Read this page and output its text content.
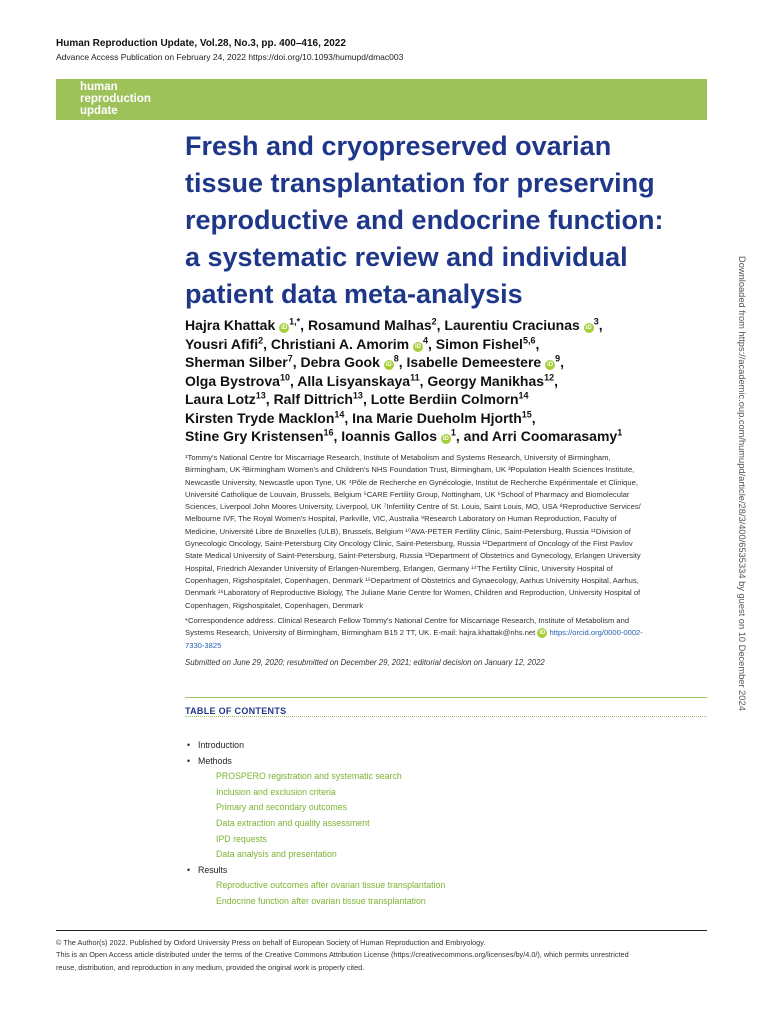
Human Reproduction Update, Vol.28, No.3, pp. 400–416, 2022
Advance Access Publication on February 24, 2022 https://doi.org/10.1093/humupd/dmac003
human
reproduction
update
Fresh and cryopreserved ovarian
tissue transplantation for preserving
reproductive and endocrine function:
a systematic review and individual
patient data meta-analysis
Hajra Khattak $iD^{1,*}$, Rosamund Malhas$^2$, Laurentiu Craciunas $iD^3$,
Yousri Afifi$^2$, Christiani A. Amorim $iD^4$, Simon Fishel$^{5,6}$,
Sherman Silber$^7$, Debra Gook $iD^8$, Isabelle Demeestere $iD^9$,
Olga Bystrova$^{10}$, Alla Lisyanskaya$^{11}$, Georgy Manikhas$^{12}$,
Laura Lotz$^{13}$, Ralf Dittrich$^{13}$, Lotte Berdiin Colmorn$^{14}$
Kirsten Tryde Macklon$^{14}$, Ina Marie Dueholm Hjorth$^{15}$,
Stine Gry Kristensen$^{16}$, Ioannis Gallos $iD^1$, and Arri Coomarasamy$^1$
¹Tommy's National Centre for Miscarriage Research, Institute of Metabolism and Systems Research, University of Birmingham,
Birmingham, UK ²Birmingham Women's and Children's NHS Foundation Trust, Birmingham, UK ³Population Health Sciences Institute,
Newcastle University, Newcastle upon Tyne, UK ⁴Pôle de Recherche en Gynécologie, Institut de Recherche Expérimentale et Clinique,
Université Catholique de Louvain, Brussels, Belgium ⁵CARE Fertility Group, Nottingham, UK ⁶School of Pharmacy and Biomolecular
Sciences, Liverpool John Moores University, Liverpool, UK ⁷Infertility Centre of St. Louis, Saint Louis, MO, USA ⁸Reproductive Services/
Melbourne IVF, The Royal Women's Hospital, Parkville, VIC, Australia ⁹Research Laboratory on Human Reproduction, Faculty of
Medicine, Université Libre de Bruxelles (ULB), Brussels, Belgium ¹⁰AVA-PETER Fertility Clinic, Saint-Petersburg, Russia ¹¹Division of
Gynecologic Oncology, Saint-Petersburg City Oncology Clinic, Saint-Petersburg, Russia ¹²Department of Oncology of the First Pavlov
State Medical University of Saint-Petersburg, Saint-Petersburg, Russia ¹³Department of Obstetrics and Gynecology, Erlangen University
Hospital, Friedrich Alexander University of Erlangen-Nuremberg, Erlangen, Germany ¹⁴The Fertility Clinic, University Hospital of
Copenhagen, Rigshospitalet, Copenhagen, Denmark ¹⁵Department of Obstetrics and Gynaecology, Aarhus University Hospital, Aarhus,
Denmark ¹⁶Laboratory of Reproductive Biology, The Juliane Marie Centre for Women, Children and Reproduction, University Hospital of
Copenhagen, Rigshospitalet, Copenhagen, Denmark
*Correspondence address. Clinical Research Fellow Tommy's National Centre for Miscarriage Research, Institute of Metabolism and
Systems Research, University of Birmingham, Birmingham B15 2 TT, UK. E-mail: hajra.khattak@nhs.net iD https://orcid.org/0000-0002-
7330-3825
Submitted on June 29, 2020; resubmitted on December 29, 2021; editorial decision on January 12, 2022
TABLE OF CONTENTS
• Introduction
• Methods
PROSPERO registration and systematic search
Inclusion and exclusion criteria
Primary and secondary outcomes
Data extraction and quality assessment
IPD requests
Data analysis and presentation
• Results
Reproductive outcomes after ovarian tissue transplantation
Endocrine function after ovarian tissue transplantation
© The Author(s) 2022. Published by Oxford University Press on behalf of European Society of Human Reproduction and Embryology.
This is an Open Access article distributed under the terms of the Creative Commons Attribution License (https://creativecommons.org/licenses/by/4.0/), which permits unrestricted
reuse, distribution, and reproduction in any medium, provided the original work is properly cited.
Downloaded from https://academic.oup.com/humupd/article/28/3/400/6535334 by guest on 10 December 2024
